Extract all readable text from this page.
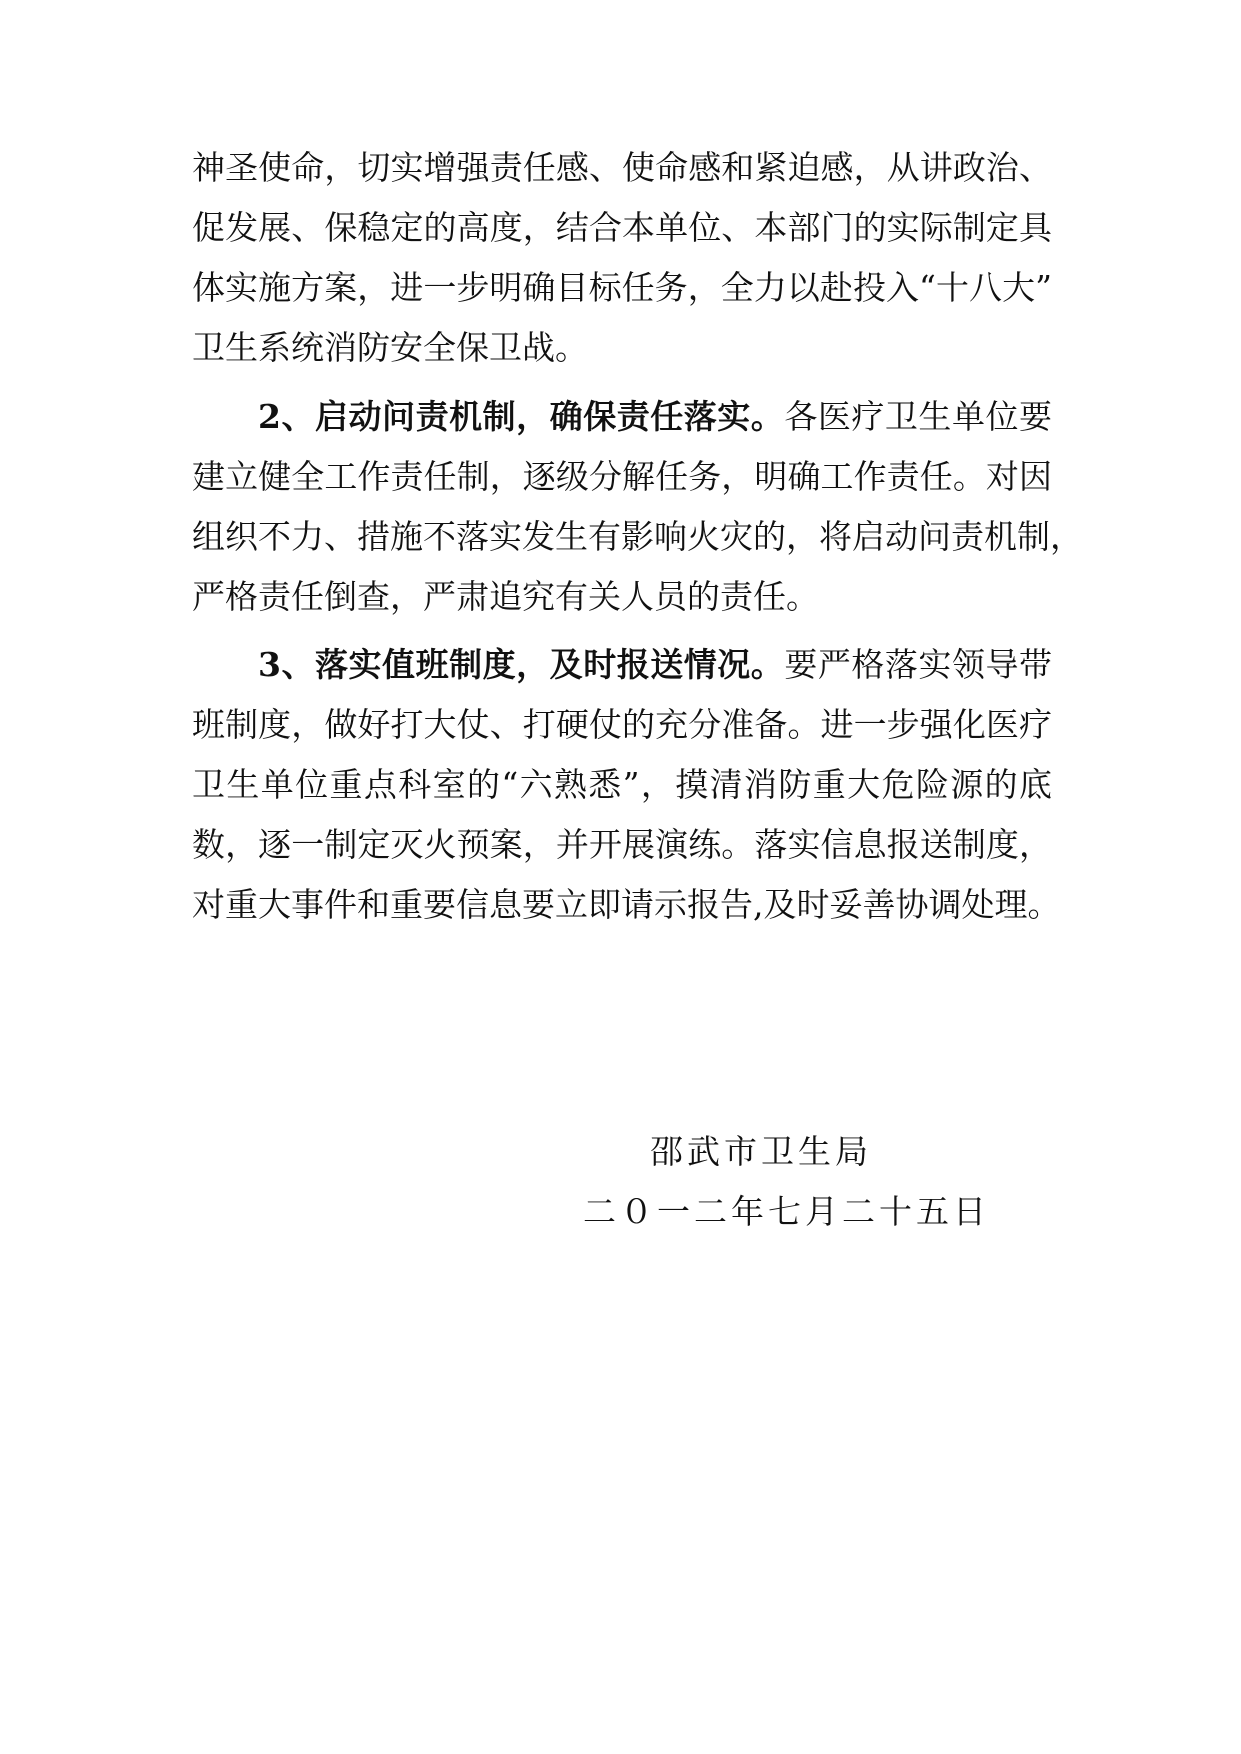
神圣使命，切实增强责任感、使命感和紧迫感，从讲政治、
促发展、保稳定的高度，结合本单位、本部门的实际制定具
体实施方案，进一步明确目标任务，全力以赴投入“十八大”
卫生系统消防安全保卫战。
2、启动问责机制，确保责任落实。各医疗卫生单位要
建立健全工作责任制，逐级分解任务，明确工作责任。对因
组织不力、措施不落实发生有影响火灾的，将启动问责机制，
严格责任倒查，严肃追究有关人员的责任。
3、落实值班制度，及时报送情况。要严格落实领导带
班制度，做好打大仗、打硬仗的充分准备。进一步强化医疗
卫生单位重点科室的“六熟悉”，摸清消防重大危险源的底
数，逐一制定灭火预案，并开展演练。落实信息报送制度，
对重大事件和重要信息要立即请示报告,及时妥善协调处理。
邵武市卫生局
二０一二年七月二十五日
